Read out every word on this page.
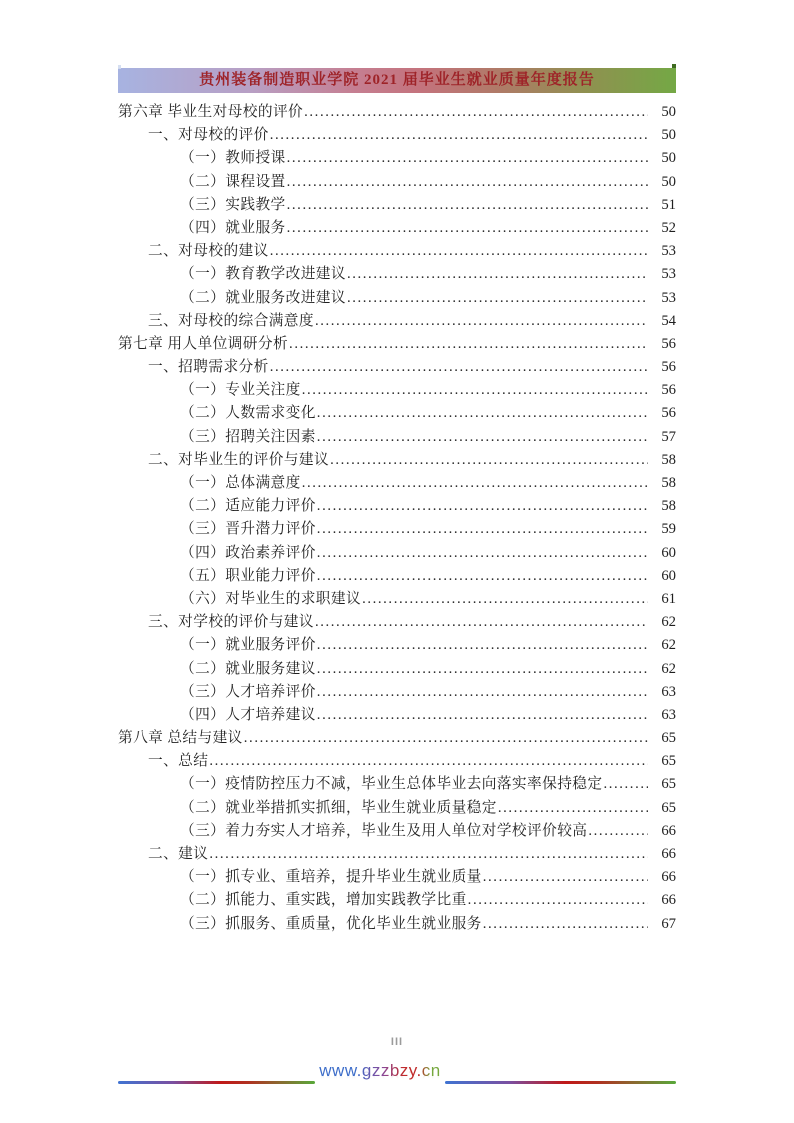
贵州装备制造职业学院 2021 届毕业生就业质量年度报告
第六章 毕业生对母校的评价 .....	50
一、对母校的评价 .....	50
（一）教师授课 .....	50
（二）课程设置 .....	50
（三）实践教学 .....	51
（四）就业服务 .....	52
二、对母校的建议 .....	53
（一）教育教学改进建议 .....	53
（二）就业服务改进建议 .....	53
三、对母校的综合满意度 .....	54
第七章 用人单位调研分析 .....	56
一、招聘需求分析 .....	56
（一）专业关注度 .....	56
（二）人数需求变化 .....	56
（三）招聘关注因素 .....	57
二、对毕业生的评价与建议 .....	58
（一）总体满意度 .....	58
（二）适应能力评价 .....	58
（三）晋升潜力评价 .....	59
（四）政治素养评价 .....	60
（五）职业能力评价 .....	60
（六）对毕业生的求职建议 .....	61
三、对学校的评价与建议 .....	62
（一）就业服务评价 .....	62
（二）就业服务建议 .....	62
（三）人才培养评价 .....	63
（四）人才培养建议 .....	63
第八章 总结与建议 .....	65
一、总结 .....	65
（一）疫情防控压力不减，毕业生总体毕业去向落实率保持稳定 .....	65
（二）就业举措抓实抓细，毕业生就业质量稳定 .....	65
（三）着力夯实人才培养，毕业生及用人单位对学校评价较高 .....	66
二、建议 .....	66
（一）抓专业、重培养，提升毕业生就业质量 .....	66
（二）抓能力、重实践，增加实践教学比重 .....	66
（三）抓服务、重质量，优化毕业生就业服务 .....	67
III
www.gzzbzy.cn
